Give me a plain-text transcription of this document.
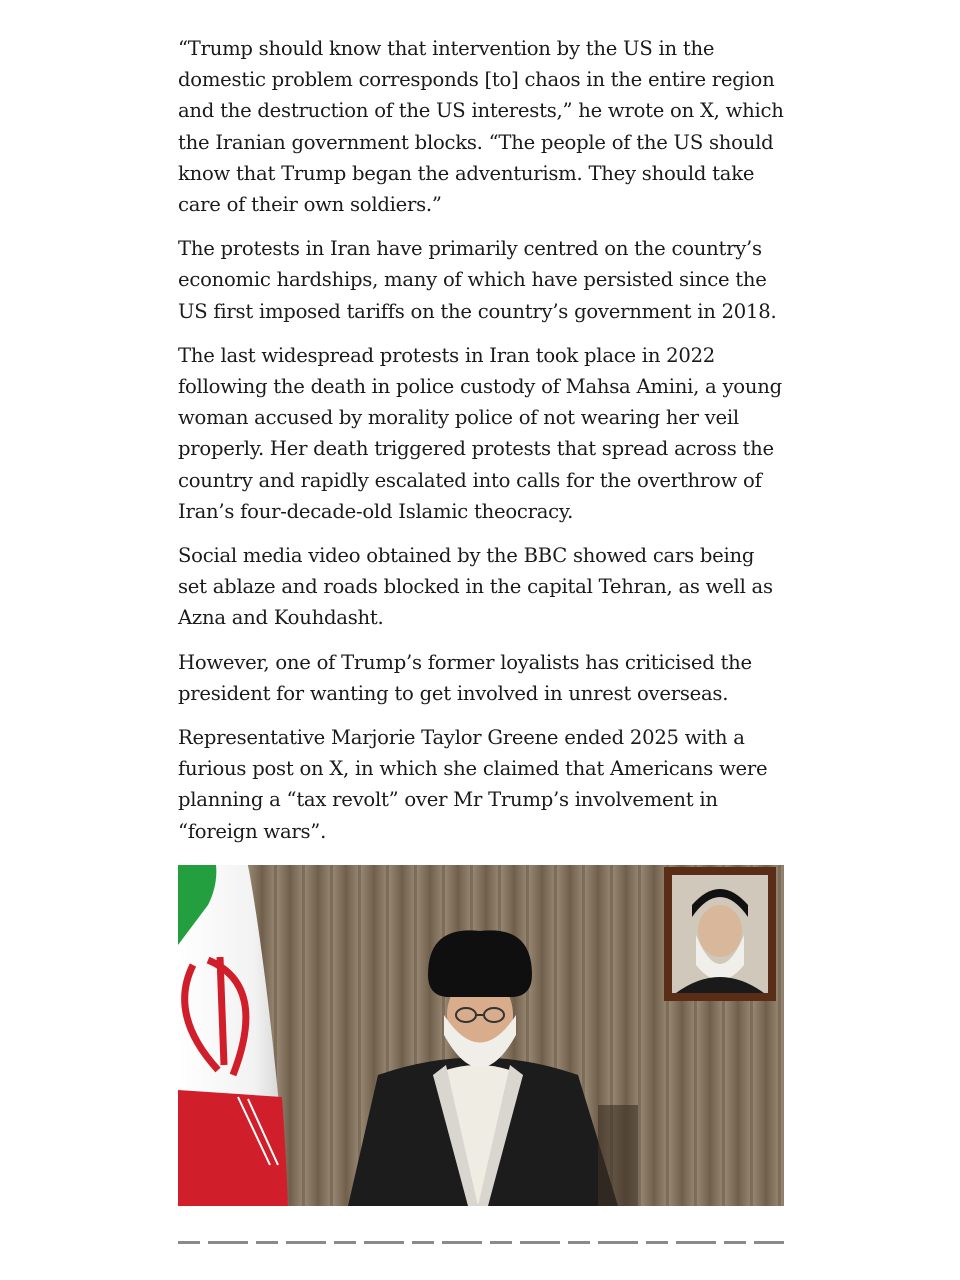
“Trump should know that intervention by the US in the domestic problem corresponds [to] chaos in the entire region and the destruction of the US interests,” he wrote on X, which the Iranian government blocks. “The people of the US should know that Trump began the adventurism. They should take care of their own soldiers.”

The protests in Iran have primarily centred on the country’s economic hardships, many of which have persisted since the US first imposed tariffs on the country’s government in 2018.

The last widespread protests in Iran took place in 2022 following the death in police custody of Mahsa Amini, a young woman accused by morality police of not wearing her veil properly. Her death triggered protests that spread across the country and rapidly escalated into calls for the overthrow of Iran’s four-decade-old Islamic theocracy.

Social media video obtained by the BBC showed cars being set ablaze and roads blocked in the capital Tehran, as well as Azna and Kouhdasht.

However, one of Trump’s former loyalists has criticised the president for wanting to get involved in unrest overseas.

Representative Marjorie Taylor Greene ended 2025 with a furious post on X, in which she claimed that Americans were planning a “tax revolt” over Mr Trump’s involvement in “foreign wars”.
